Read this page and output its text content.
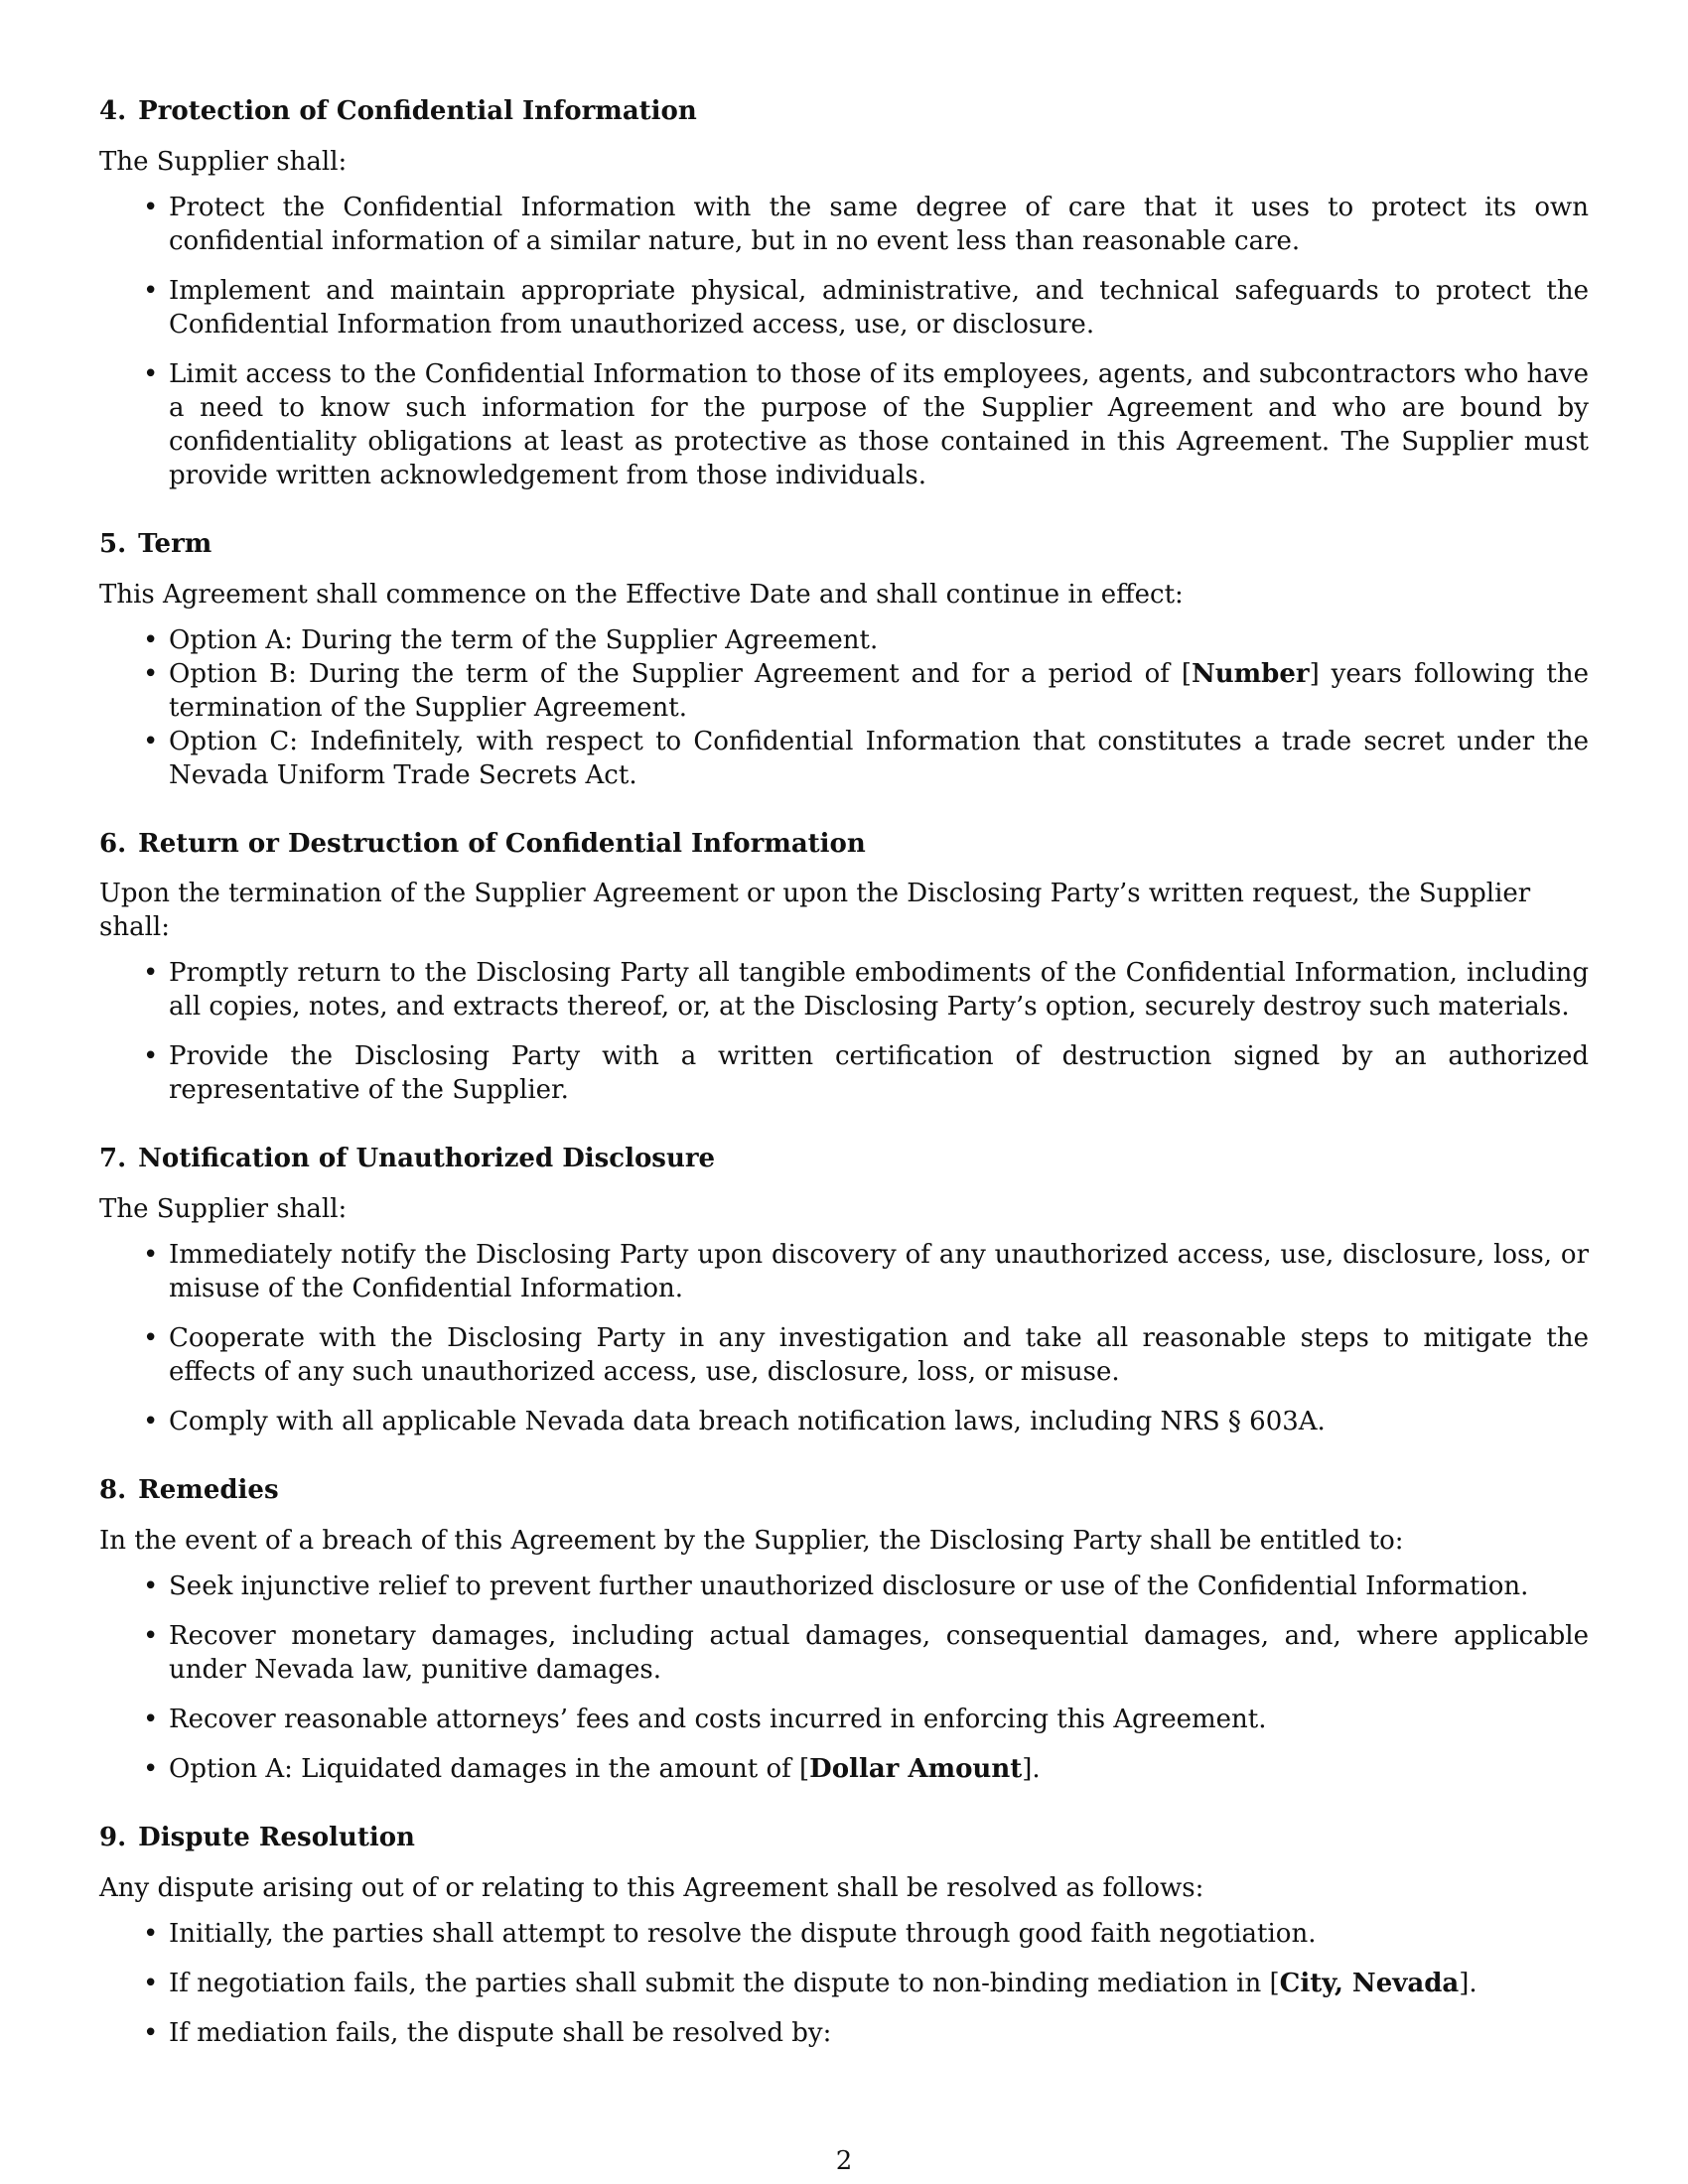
4. Protection of Confidential Information

The Supplier shall:

• Protect the Confidential Information with the same degree of care that it uses to protect its own confidential information of a similar nature, but in no event less than reasonable care.
• Implement and maintain appropriate physical, administrative, and technical safeguards to protect the Confidential Information from unauthorized access, use, or disclosure.
• Limit access to the Confidential Information to those of its employees, agents, and subcontractors who have a need to know such information for the purpose of the Supplier Agreement and who are bound by confidentiality obligations at least as protective as those contained in this Agreement. The Supplier must provide written acknowledgement from those individuals.
5. Term

This Agreement shall commence on the Effective Date and shall continue in effect:

• Option A: During the term of the Supplier Agreement.
• Option B: During the term of the Supplier Agreement and for a period of [Number] years following the termination of the Supplier Agreement.
• Option C: Indefinitely, with respect to Confidential Information that constitutes a trade secret under the Nevada Uniform Trade Secrets Act.
6. Return or Destruction of Confidential Information

Upon the termination of the Supplier Agreement or upon the Disclosing Party’s written request, the Supplier shall:

• Promptly return to the Disclosing Party all tangible embodiments of the Confidential Information, including all copies, notes, and extracts thereof, or, at the Disclosing Party’s option, securely destroy such materials.
• Provide the Disclosing Party with a written certification of destruction signed by an authorized representative of the Supplier.
7. Notification of Unauthorized Disclosure

The Supplier shall:

• Immediately notify the Disclosing Party upon discovery of any unauthorized access, use, disclosure, loss, or misuse of the Confidential Information.
• Cooperate with the Disclosing Party in any investigation and take all reasonable steps to mitigate the effects of any such unauthorized access, use, disclosure, loss, or misuse.
• Comply with all applicable Nevada data breach notification laws, including NRS § 603A.
8. Remedies

In the event of a breach of this Agreement by the Supplier, the Disclosing Party shall be entitled to:

• Seek injunctive relief to prevent further unauthorized disclosure or use of the Confidential Information.
• Recover monetary damages, including actual damages, consequential damages, and, where applicable under Nevada law, punitive damages.
• Recover reasonable attorneys’ fees and costs incurred in enforcing this Agreement.
• Option A: Liquidated damages in the amount of [Dollar Amount].
9. Dispute Resolution

Any dispute arising out of or relating to this Agreement shall be resolved as follows:

• Initially, the parties shall attempt to resolve the dispute through good faith negotiation.
• If negotiation fails, the parties shall submit the dispute to non-binding mediation in [City, Nevada].
• If mediation fails, the dispute shall be resolved by:
2
